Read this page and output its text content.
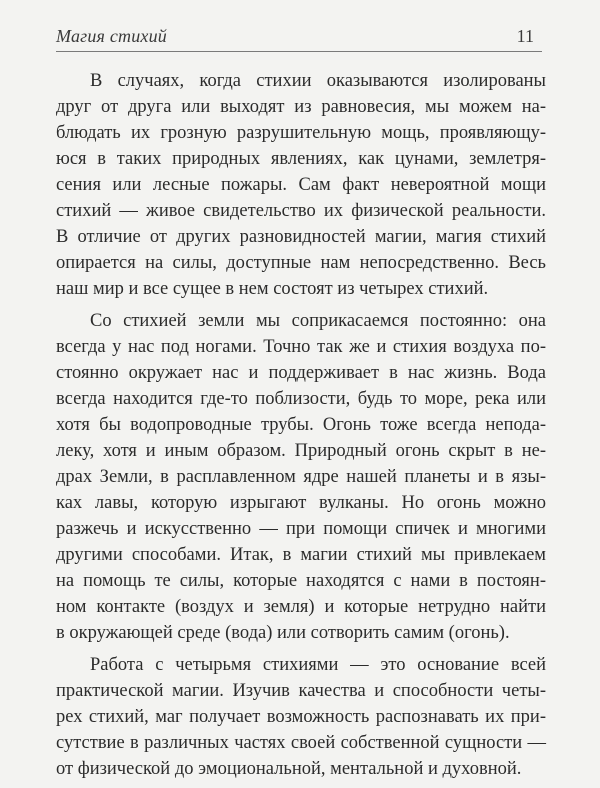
Магия стихий	11

В случаях, когда стихии оказываются изолированы
друг от друга или выходят из равновесия, мы можем на-
блюдать их грозную разрушительную мощь, проявляющу-
юся в таких природных явлениях, как цунами, землетря-
сения или лесные пожары. Сам факт невероятной мощи
стихий — живое свидетельство их физической реальности.
В отличие от других разновидностей магии, магия стихий
опирается на силы, доступные нам непосредственно. Весь
наш мир и все сущее в нем состоят из четырех стихий.

Со стихией земли мы соприкасаемся постоянно: она
всегда у нас под ногами. Точно так же и стихия воздуха по-
стоянно окружает нас и поддерживает в нас жизнь. Вода
всегда находится где-то поблизости, будь то море, река или
хотя бы водопроводные трубы. Огонь тоже всегда непода-
леку, хотя и иным образом. Природный огонь скрыт в не-
драх Земли, в расплавленном ядре нашей планеты и в язы-
ках лавы, которую изрыгают вулканы. Но огонь можно
разжечь и искусственно — при помощи спичек и многими
другими способами. Итак, в магии стихий мы привлекаем
на помощь те силы, которые находятся с нами в постоян-
ном контакте (воздух и земля) и которые нетрудно найти
в окружающей среде (вода) или сотворить самим (огонь).

Работа с четырьмя стихиями — это основание всей
практической магии. Изучив качества и способности четы-
рех стихий, маг получает возможность распознавать их при-
сутствие в различных частях своей собственной сущности —
от физической до эмоциональной, ментальной и духовной.
